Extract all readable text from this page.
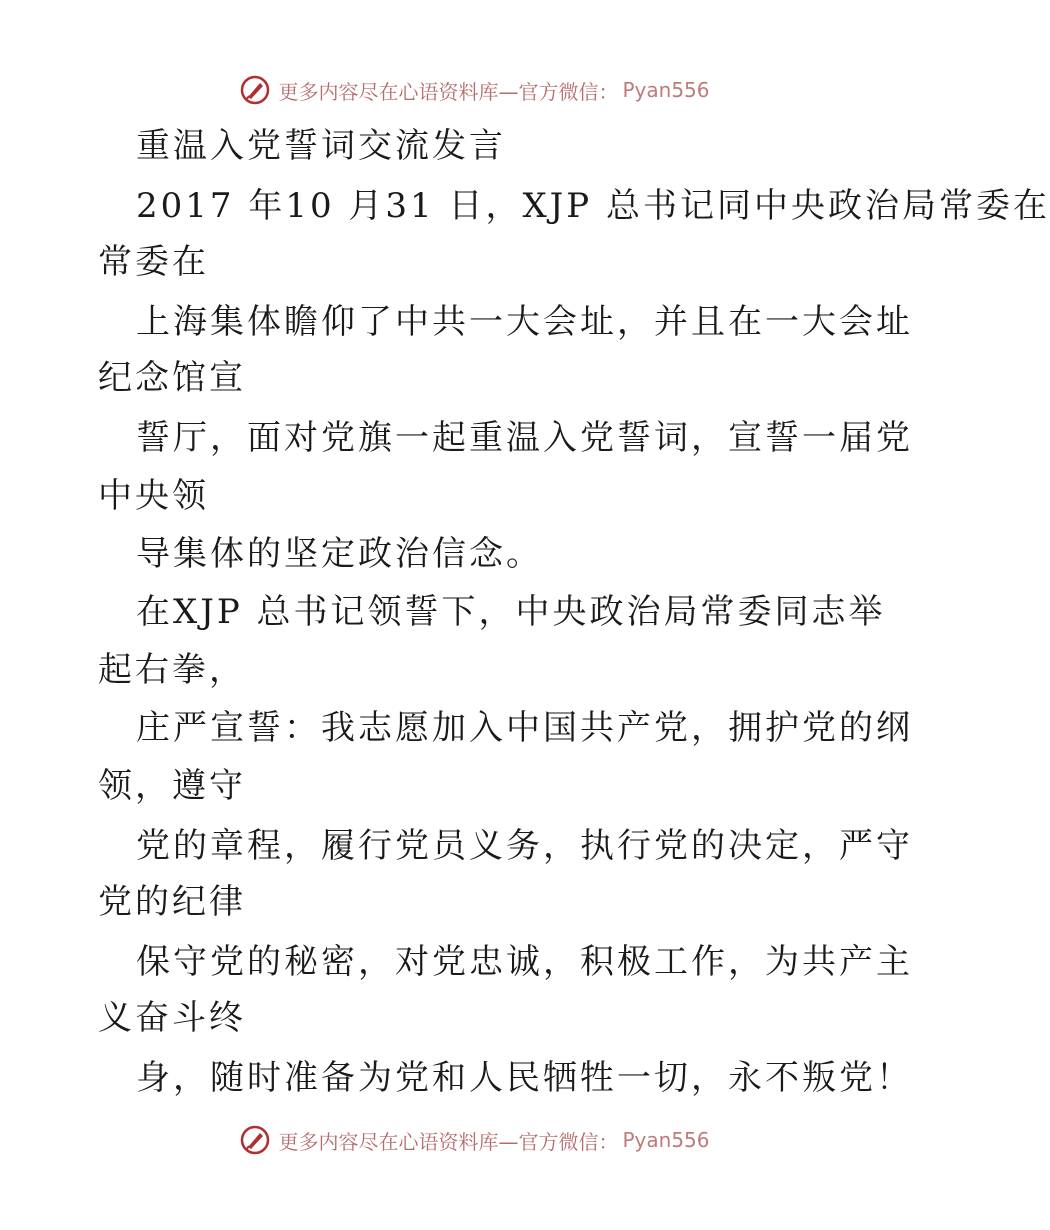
更多内容尽在心语资料库—官方微信： Pyan556
重温入党誓词交流发言
2017 年10 月31 日，XJP 总书记同中央政治局常委在
常委在
上海集体瞻仰了中共一大会址，并且在一大会址
纪念馆宣
誓厅，面对党旗一起重温入党誓词，宣誓一届党
中央领
导集体的坚定政治信念。
在XJP 总书记领誓下，中央政治局常委同志举
起右拳，
庄严宣誓：我志愿加入中国共产党，拥护党的纲
领，遵守
党的章程，履行党员义务，执行党的决定，严守
党的纪律
保守党的秘密，对党忠诚，积极工作，为共产主
义奋斗终
身，随时准备为党和人民牺牲一切，永不叛党！
更多内容尽在心语资料库—官方微信： Pyan556
